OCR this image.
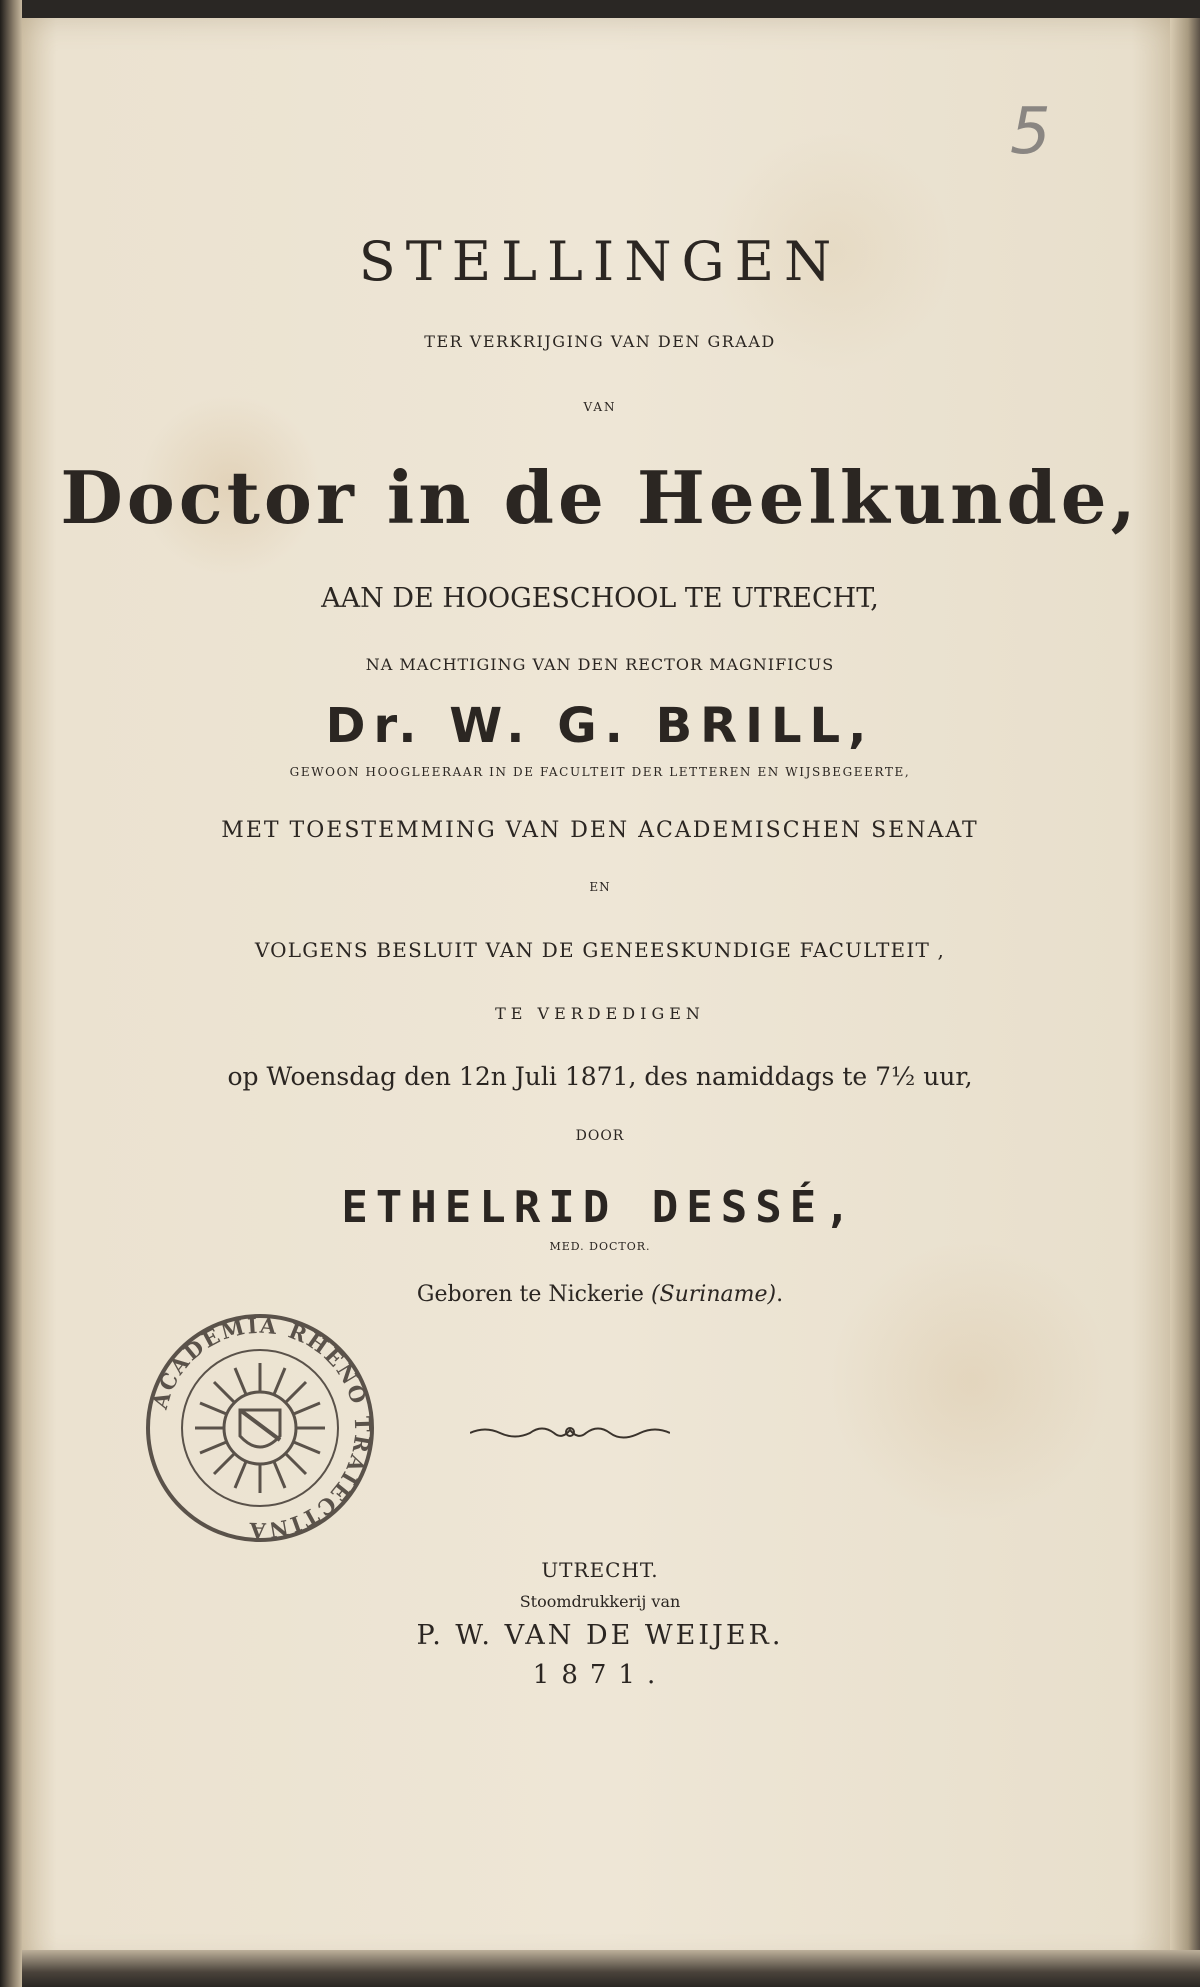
5

STELLINGEN

TER VERKRIJGING VAN DEN GRAAD

VAN

Doctor in de Heelkunde,

AAN DE HOOGESCHOOL TE UTRECHT,

NA MACHTIGING VAN DEN RECTOR MAGNIFICUS

Dr. W. G. BRILL,

GEWOON HOOGLEERAAR IN DE FACULTEIT DER LETTEREN EN WIJSBEGEERTE,

MET TOESTEMMING VAN DEN ACADEMISCHEN SENAAT

EN

VOLGENS BESLUIT VAN DE GENEESKUNDIGE FACULTEIT ,

TE VERDEDIGEN

op Woensdag den 12n Juli 1871, des namiddags te 7½ uur,

DOOR

ETHELRID DESSÉ,

MED. DOCTOR.

Geboren te Nickerie (Suriname).

ACADEMIA RHENO TRAIECTINA

UTRECHT.

Stoomdrukkerij van

P. W. VAN DE WEIJER.

1871.
